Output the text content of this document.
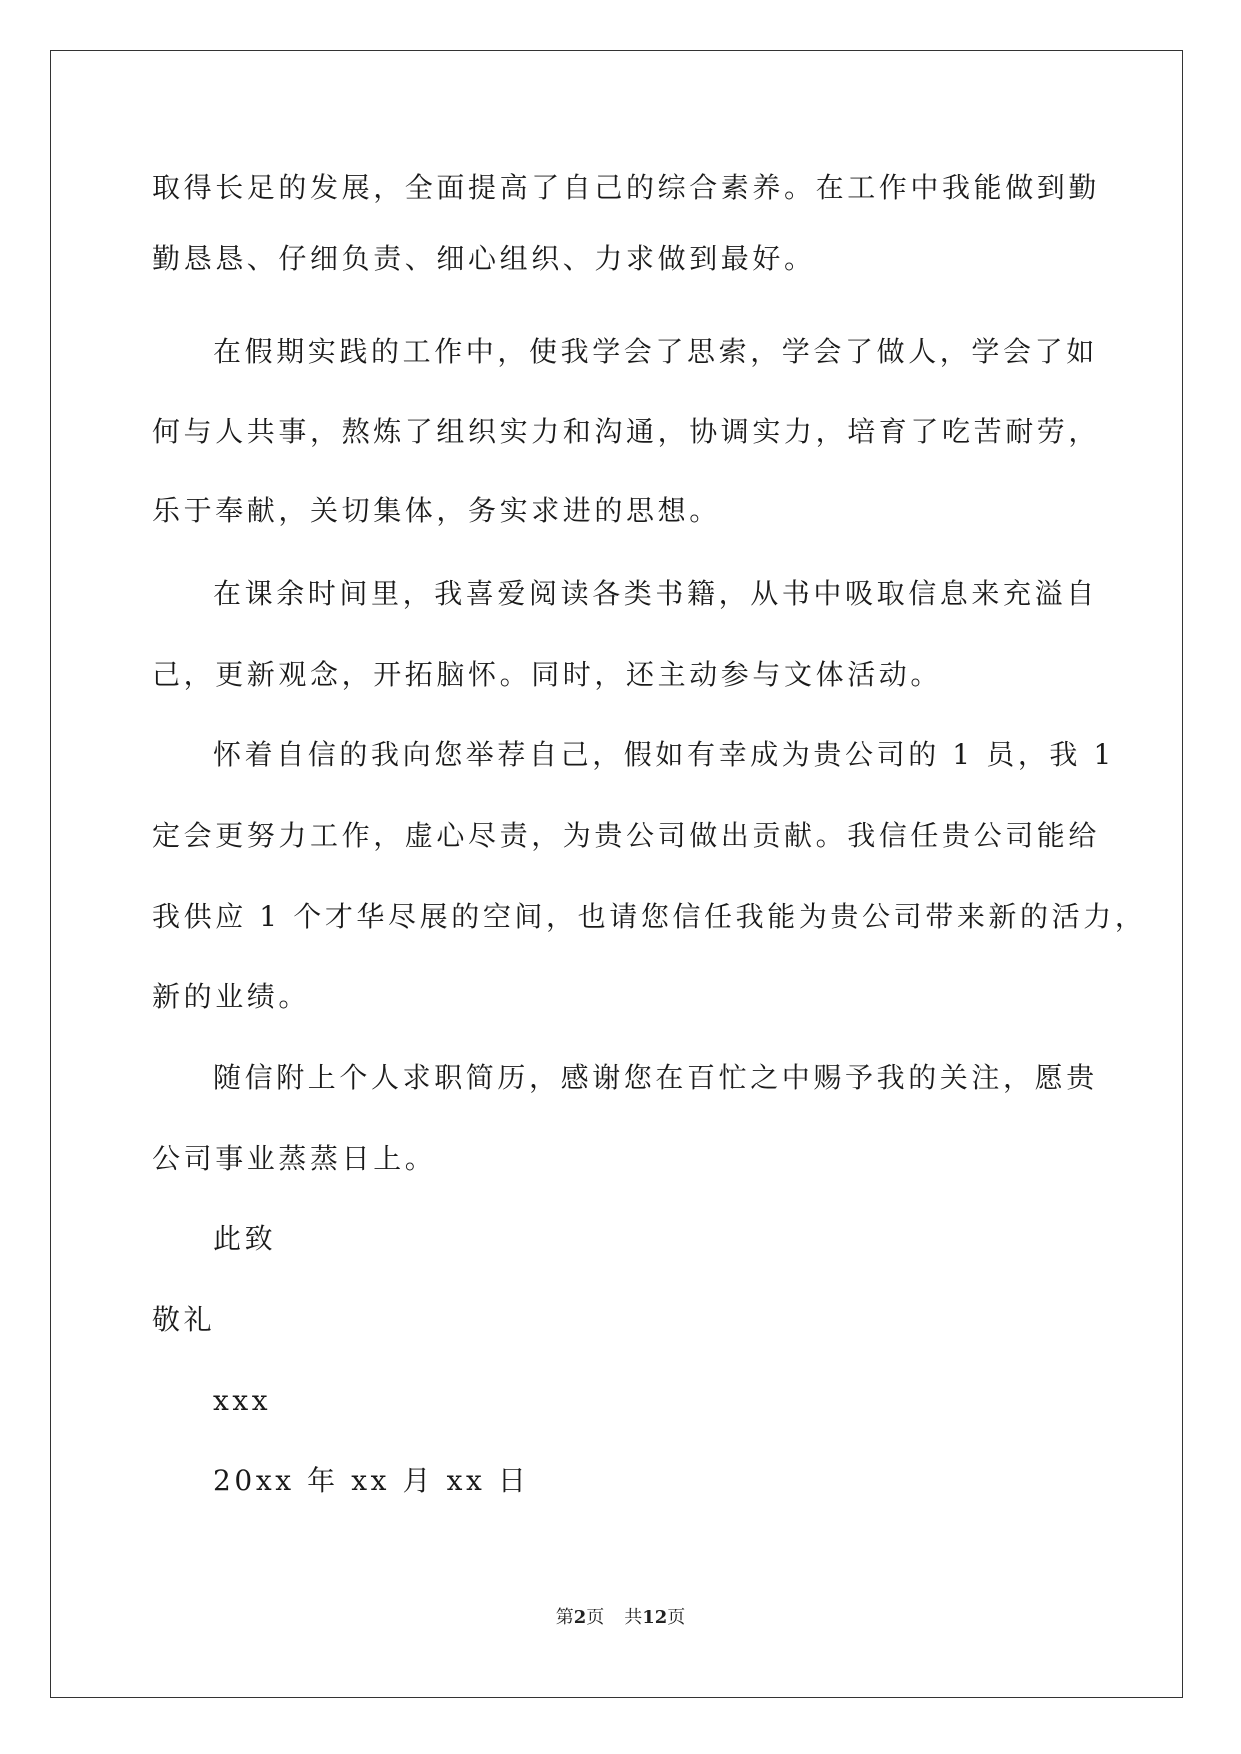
取得长足的发展，全面提高了自己的综合素养。在工作中我能做到勤

勤恳恳、仔细负责、细心组织、力求做到最好。

在假期实践的工作中，使我学会了思索，学会了做人，学会了如

何与人共事，熬炼了组织实力和沟通，协调实力，培育了吃苦耐劳，

乐于奉献，关切集体，务实求进的思想。

在课余时间里，我喜爱阅读各类书籍，从书中吸取信息来充溢自

己，更新观念，开拓脑怀。同时，还主动参与文体活动。

怀着自信的我向您举荐自己，假如有幸成为贵公司的 1 员，我 1

定会更努力工作，虚心尽责，为贵公司做出贡献。我信任贵公司能给

我供应 1 个才华尽展的空间，也请您信任我能为贵公司带来新的活力，

新的业绩。

随信附上个人求职简历，感谢您在百忙之中赐予我的关注，愿贵

公司事业蒸蒸日上。

此致

敬礼

xxx

20xx 年 xx 月 xx 日

第2页 共12页
